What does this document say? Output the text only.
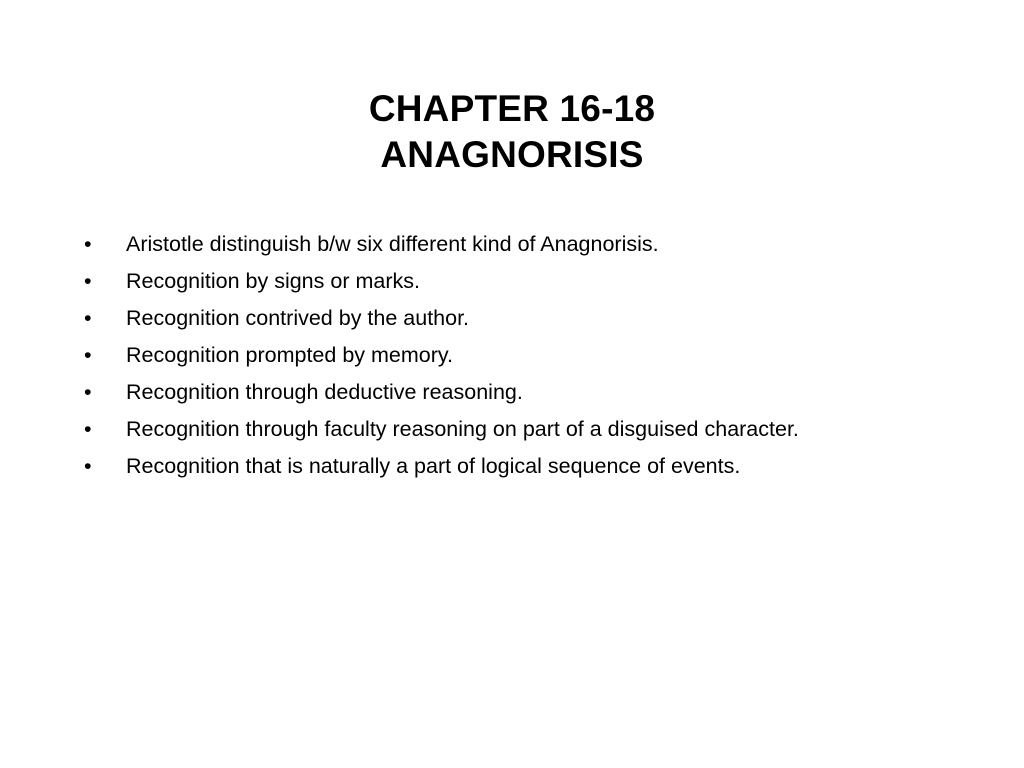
CHAPTER 16-18
ANAGNORISIS
•	Aristotle distinguish b/w six different kind of Anagnorisis.
•	Recognition by signs or marks.
•	Recognition contrived by the author.
•	Recognition prompted by memory.
•	Recognition through deductive reasoning.
•	Recognition through faculty reasoning on part of a disguised character.
•	Recognition that is naturally a part of logical sequence of events.
